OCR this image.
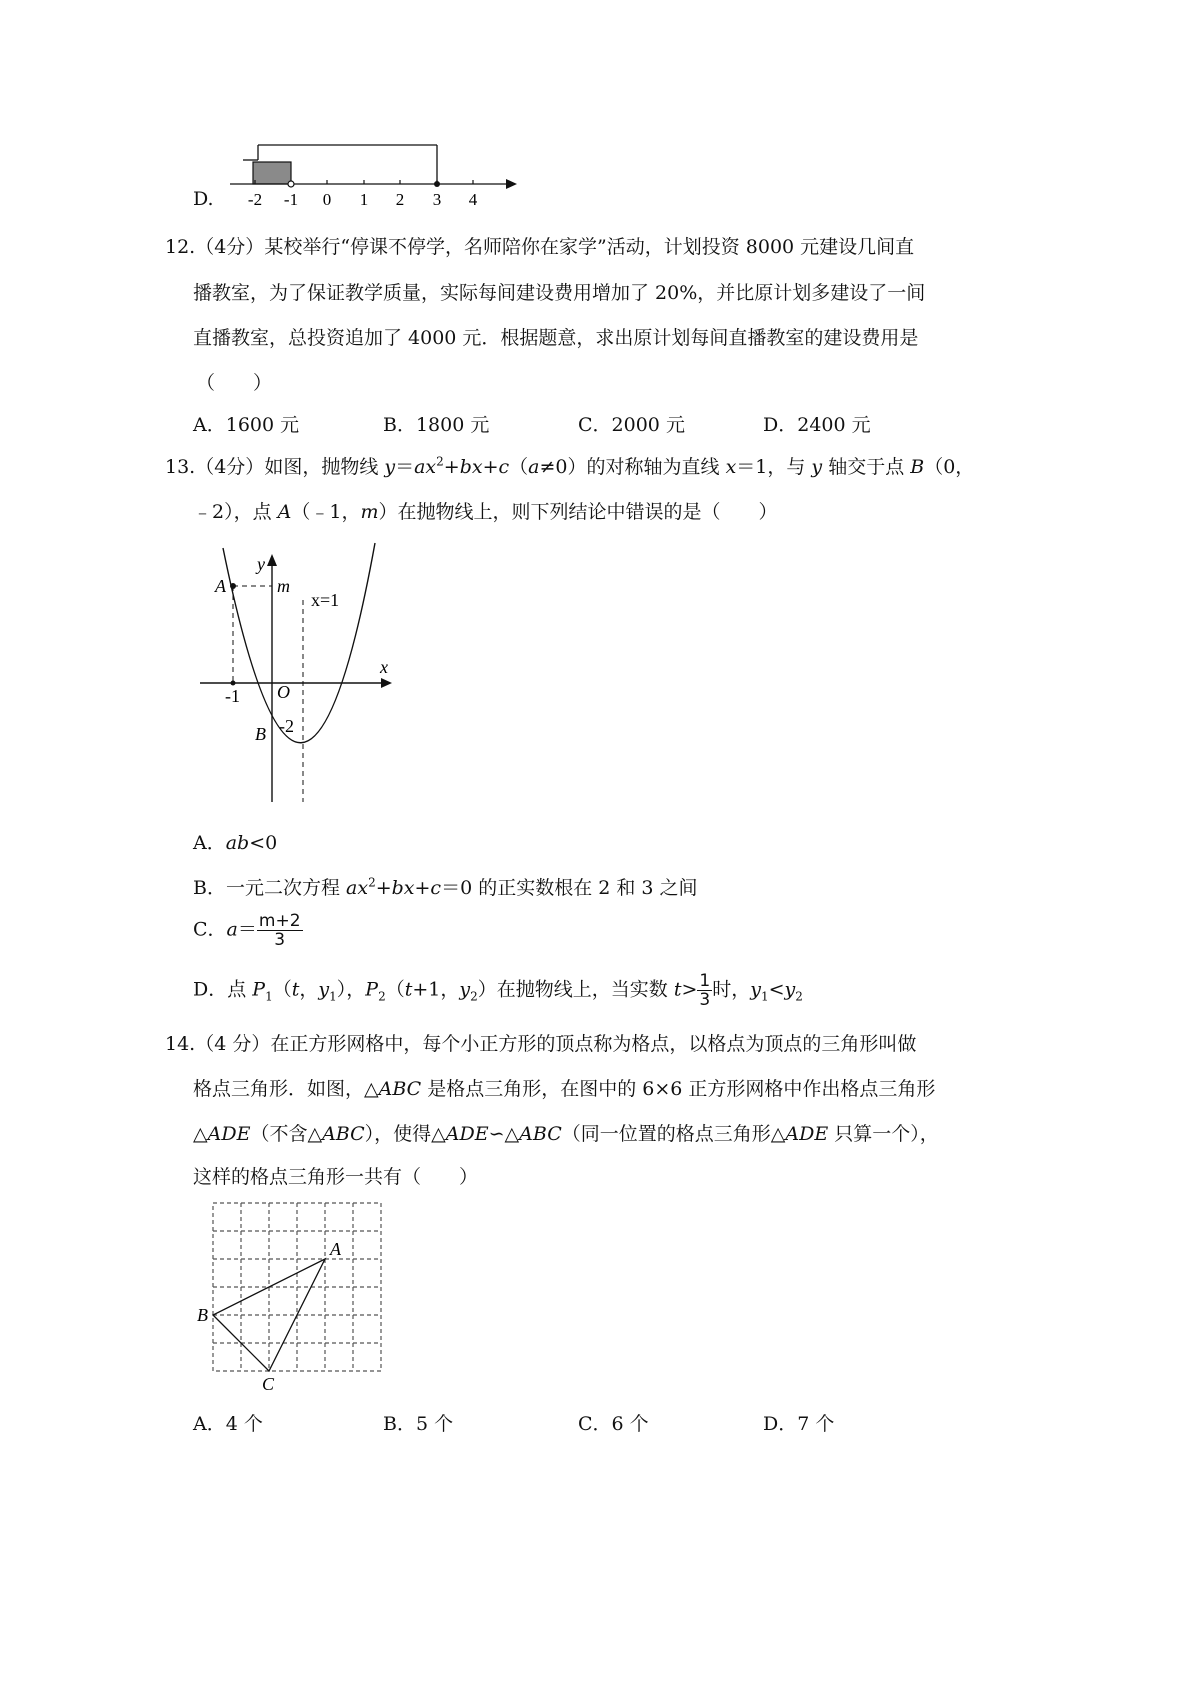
D. -2 -1 0 1 2 3 4
12.（4分）某校举行“停课不停学，名师陪你在家学”活动，计划投资 8000 元建设几间直
播教室，为了保证教学质量，实际每间建设费用增加了 20%，并比原计划多建设了一间
直播教室，总投资追加了 4000 元．根据题意，求出原计划每间直播教室的建设费用是
（　　）
A．1600 元	B．1800 元	C．2000 元	D．2400 元
13.（4分）如图，抛物线 $y=ax^2+bx+c(a\ne 0)$的对称轴为直线 x＝1，与 y 轴交于点 B（0，
﹣2），点 A（﹣1，m）在抛物线上，则下列结论中错误的是（　　）
y
x
A	m
x=1
-1 O
B -2
A．ab<0
B．一元二次方程 $ax^2+bx+c=0$ 的正实数根在 2 和 3 之间
C．$a= \frac{m+2}{3}$
D．点 $P_1(t$，$y_1$），$P_2(t+1$，$y_2$）在抛物线上，当实数 $t> \frac{1}{3}$ 时，$y_1<y_2$
14.（4 分）在正方形网格中，每个小正方形的顶点称为格点，以格点为顶点的三角形叫做
格点三角形．如图，△ABC 是格点三角形，在图中的 6×6 正方形网格中作出格点三角形
△ADE（不含△ABC），使得△ADE∽△ABC（同一位置的格点三角形△ADE 只算一个），
这样的格点三角形一共有（　　）
A
B
C
A．4 个	B．5 个	C．6 个	D．7 个
